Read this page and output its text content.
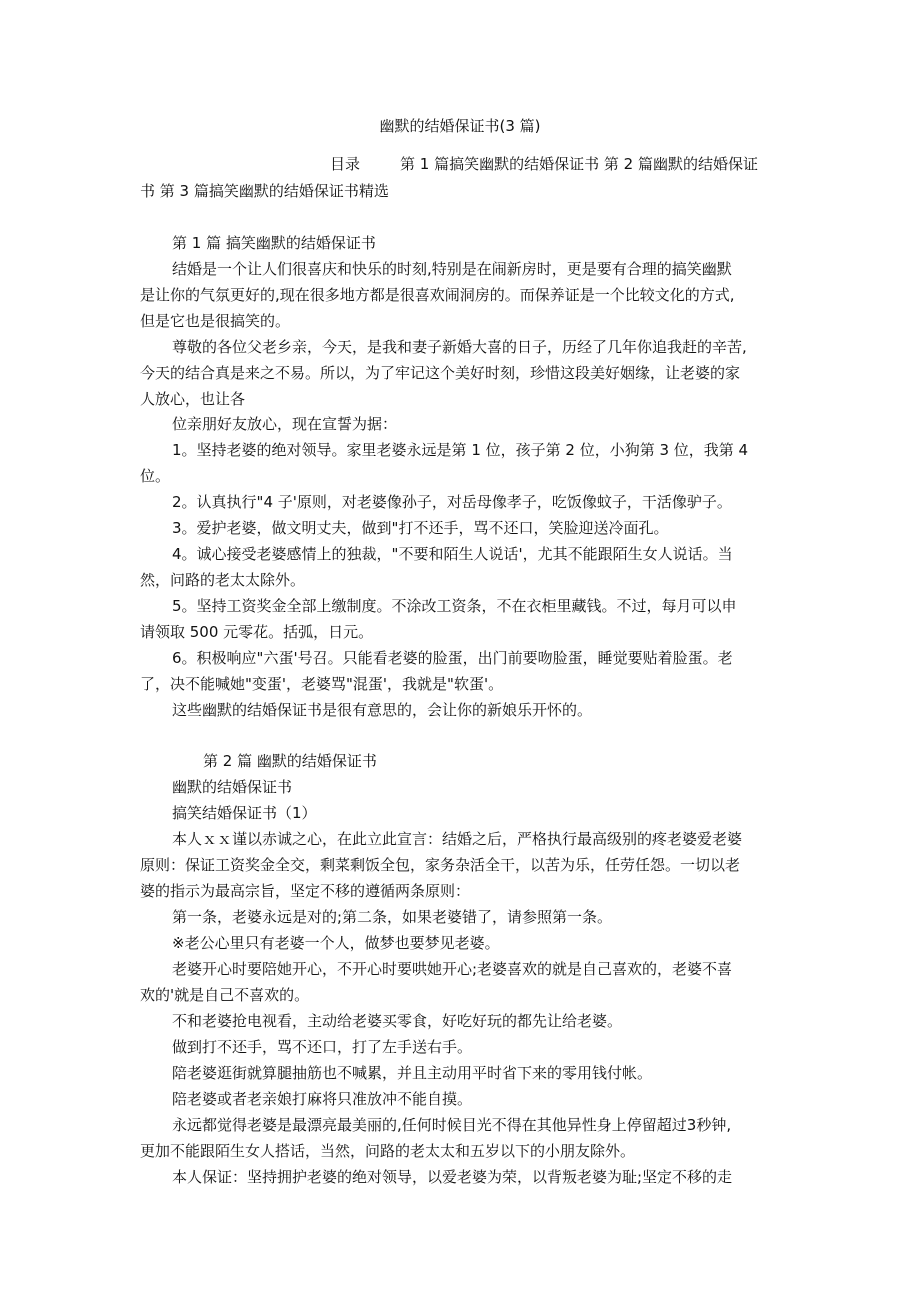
幽默的结婚保证书(3 篇)
目录	第 1 篇搞笑幽默的结婚保证书 第 2 篇幽默的结婚保证
书 第 3 篇搞笑幽默的结婚保证书精选
第 1 篇 搞笑幽默的结婚保证书
结婚是一个让人们很喜庆和快乐的时刻,特别是在闹新房时，更是要有合理的搞笑幽默
是让你的气氛更好的,现在很多地方都是很喜欢闹洞房的。而保养证是一个比较文化的方式,
但是它也是很搞笑的。
尊敬的各位父老乡亲，今天，是我和妻子新婚大喜的日子，历经了几年你追我赶的辛苦,
今天的结合真是来之不易。所以，为了牢记这个美好时刻，珍惜这段美好姻缘，让老婆的家
人放心，也让各
位亲朋好友放心，现在宣誓为据：
1。坚持老婆的绝对领导。家里老婆永远是第 1 位，孩子第 2 位，小狗第 3 位，我第 4
位。
2。认真执行"4 子'原则，对老婆像孙子，对岳母像孝子，吃饭像蚊子，干活像驴子。
3。爱护老婆，做文明丈夫，做到"打不还手，骂不还口，笑脸迎送冷面孔。
4。诚心接受老婆感情上的独裁，"不要和陌生人说话'，尤其不能跟陌生女人说话。当
然，问路的老太太除外。
5。坚持工资奖金全部上缴制度。不涂改工资条，不在衣柜里藏钱。不过，每月可以申
请领取 500 元零花。括弧，日元。
6。积极响应"六蛋'号召。只能看老婆的脸蛋，出门前要吻脸蛋，睡觉要贴着脸蛋。老
了，决不能喊她"变蛋'，老婆骂"混蛋'，我就是"软蛋'。
这些幽默的结婚保证书是很有意思的，会让你的新娘乐开怀的。
第 2 篇 幽默的结婚保证书
幽默的结婚保证书
搞笑结婚保证书（1）
本人ｘｘ谨以赤诚之心，在此立此宣言：结婚之后，严格执行最高级别的疼老婆爱老婆
原则：保证工资奖金全交，剩菜剩饭全包，家务杂活全干，以苦为乐，任劳任怨。一切以老
婆的指示为最高宗旨，坚定不移的遵循两条原则：
第一条，老婆永远是对的;第二条，如果老婆错了，请参照第一条。
※老公心里只有老婆一个人，做梦也要梦见老婆。
老婆开心时要陪她开心，不开心时要哄她开心;老婆喜欢的就是自己喜欢的，老婆不喜
欢的'就是自己不喜欢的。
不和老婆抢电视看，主动给老婆买零食，好吃好玩的都先让给老婆。
做到打不还手，骂不还口，打了左手送右手。
陪老婆逛街就算腿抽筋也不喊累，并且主动用平时省下来的零用钱付帐。
陪老婆或者老亲娘打麻将只准放冲不能自摸。
永远都觉得老婆是最漂亮最美丽的,任何时候目光不得在其他异性身上停留超过3秒钟,
更加不能跟陌生女人搭话，当然，问路的老太太和五岁以下的小朋友除外。
本人保证：坚持拥护老婆的绝对领导，以爱老婆为荣，以背叛老婆为耻;坚定不移的走
